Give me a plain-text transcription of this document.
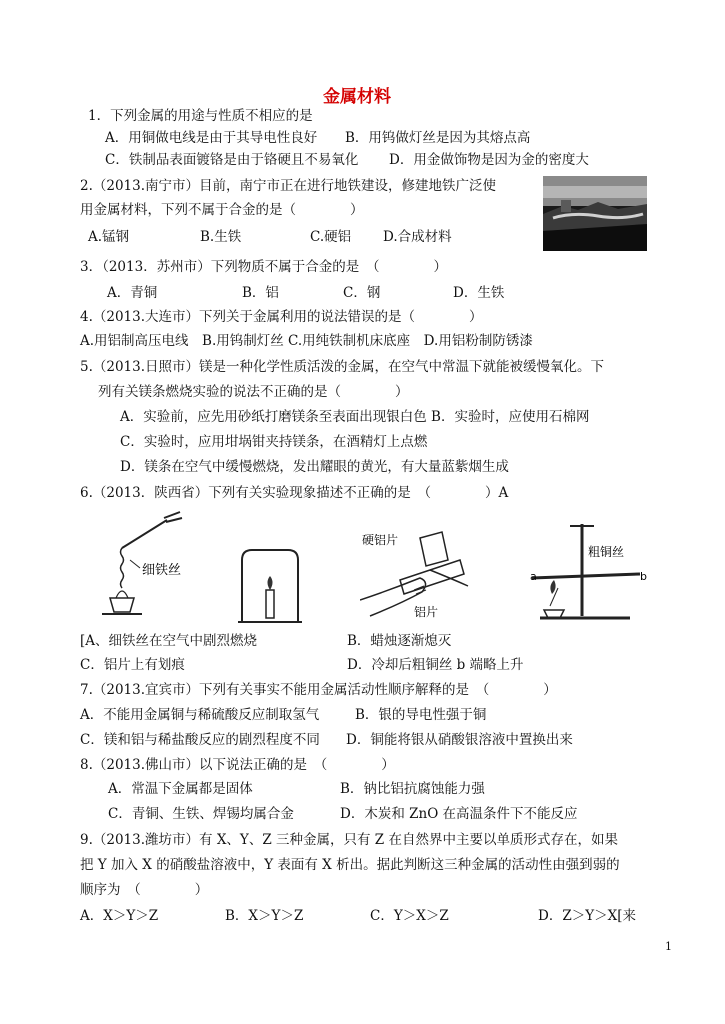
金属材料
1．下列金属的用途与性质不相应的是
A．用铜做电线是由于其导电性良好 B．用钨做灯丝是因为其熔点高
C．铁制品表面镀铬是由于铬硬且不易氧化 D．用金做饰物是因为金的密度大
2.（2013.南宁市）目前，南宁市正在进行地铁建设，修建地铁广泛使
用金属材料，下列不属于合金的是（　　　　）
A.锰钢	B.生铁	C.硬铝 D.合成材料
3．（2013．苏州市）下列物质不属于合金的是　（　　　　）
A．青铜	B．铝	C．钢	D．生铁
4.（2013.大连市）下列关于金属利用的说法错误的是（　　　　）
A.用铝制高压电线　B.用钨制灯丝 C.用纯铁制机床底座　D.用铝粉制防锈漆
5.（2013.日照市）镁是一种化学性质活泼的金属，在空气中常温下就能被缓慢氧化。下
列有关镁条燃烧实验的说法不正确的是（　　　　）
A．实验前，应先用砂纸打磨镁条至表面出现银白色 B．实验时，应使用石棉网
C．实验时，应用坩埚钳夹持镁条，在酒精灯上点燃
D．镁条在空气中缓慢燃烧，发出耀眼的黄光，有大量蓝紫烟生成
6.（2013．陕西省）下列有关实验现象描述不正确的是　（　　　　）A
细铁丝
硬铝片
铝片
粗铜丝
a	b
[A、细铁丝在空气中剧烈燃烧	B．蜡烛逐渐熄灭
C．铝片上有划痕	D．冷却后粗铜丝 b 端略上升
7.（2013.宜宾市）下列有关事实不能用金属活动性顺序解释的是　（　　　　）
A．不能用金属铜与稀硫酸反应制取氢气	B．银的导电性强于铜
C．镁和铝与稀盐酸反应的剧烈程度不同 D．铜能将银从硝酸银溶液中置换出来
8.（2013.佛山市）以下说法正确的是　（　　　　）
A．常温下金属都是固体	B．钠比铝抗腐蚀能力强
C．青铜、生铁、焊锡均属合金	D．木炭和 ZnO 在高温条件下不能反应
9.（2013.潍坊市）有 X、Y、Z 三种金属，只有 Z 在自然界中主要以单质形式存在，如果
把 Y 加入 X 的硝酸盐溶液中，Y 表面有 X 析出。据此判断这三种金属的活动性由强到弱的
顺序为　（　　　　）
A．X＞Y＞Z	B．X＞Y＞Z	C．Y＞X＞Z	D．Z＞Y＞X[来
1
